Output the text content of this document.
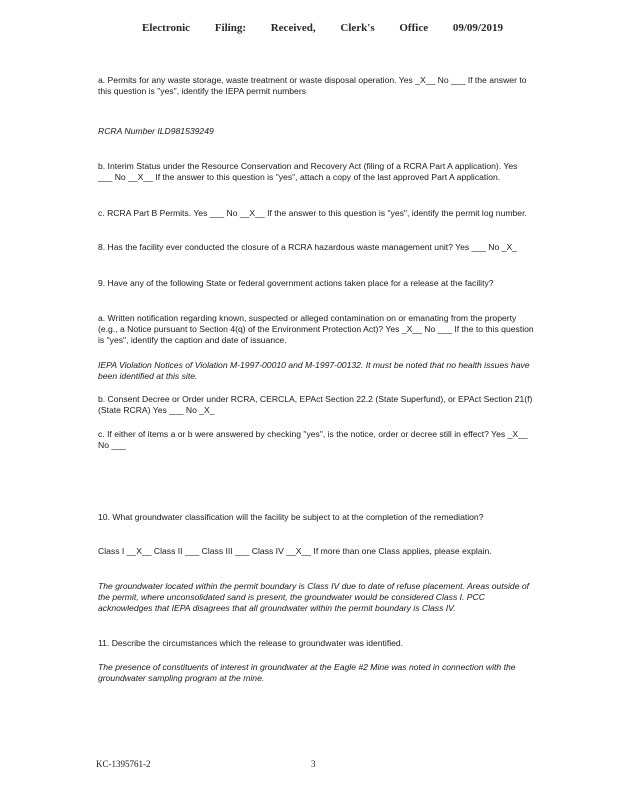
Electronic Filing: Received, Clerk's Office 09/09/2019

a. Permits for any waste storage, waste treatment or waste disposal operation. Yes _X__ No ___ If the answer to this question is "yes", identify the IEPA permit numbers

RCRA Number ILD981539249

b. Interim Status under the Resource Conservation and Recovery Act (filing of a RCRA Part A application). Yes ___ No __X__ If the answer to this question is "yes", attach a copy of the last approved Part A application.

c. RCRA Part B Permits. Yes ___ No __X__ If the answer to this question is "yes", identify the permit log number.

8. Has the facility ever conducted the closure of a RCRA hazardous waste management unit? Yes ___ No _X_

9. Have any of the following State or federal government actions taken place for a release at the facility?

a. Written notification regarding known, suspected or alleged contamination on or emanating from the property (e.g., a Notice pursuant to Section 4(q) of the Environment Protection Act)? Yes _X__ No ___ If the to this question is "yes", identify the caption and date of issuance.

IEPA Violation Notices of Violation M-1997-00010 and M-1997-00132. It must be noted that no health issues have been identified at this site.

b. Consent Decree or Order under RCRA, CERCLA, EPAct Section 22.2 (State Superfund), or EPAct Section 21(f) (State RCRA) Yes ___ No _X_

c. If either of items a or b were answered by checking "yes", is the notice, order or decree still in effect? Yes _X__ No ___

10. What groundwater classification will the facility be subject to at the completion of the remediation?

Class I __X__ Class II ___ Class III ___ Class IV __X__ If more than one Class applies, please explain.

The groundwater located within the permit boundary is Class IV due to date of refuse placement. Areas outside of the permit, where unconsolidated sand is present, the groundwater would be considered Class I. PCC acknowledges that IEPA disagrees that all groundwater within the permit boundary is Class IV.

11. Describe the circumstances which the release to groundwater was identified.

The presence of constituents of interest in groundwater at the Eagle #2 Mine was noted in connection with the groundwater sampling program at the mine.

KC-1395761-2	3
